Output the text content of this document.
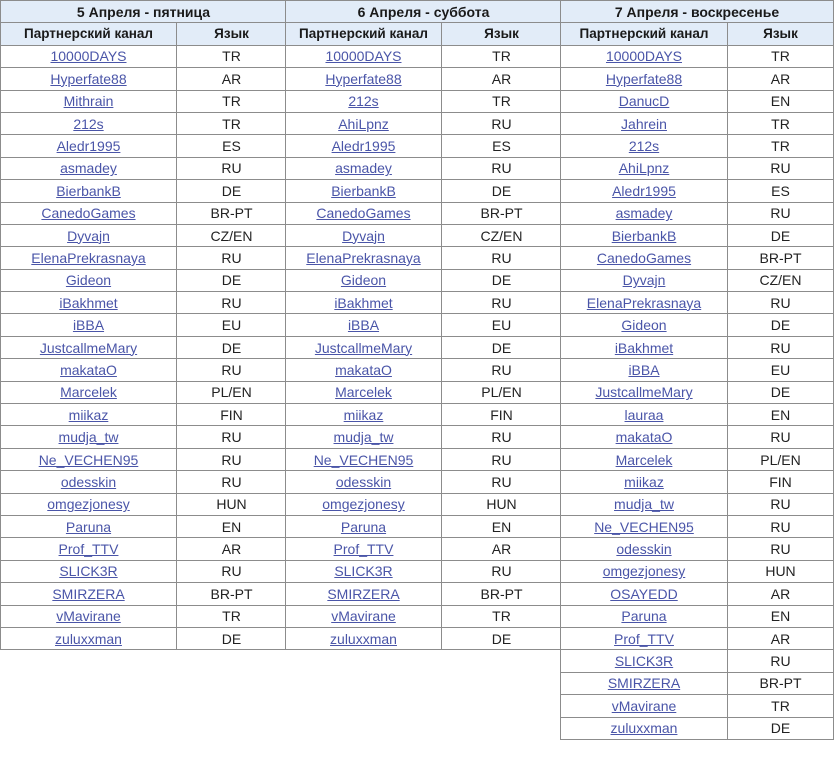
5 Апреля - пятница	
Партнерский канал	Язык
10000DAYS	TR
Hyperfate88	AR
Mithrain	TR
212s	TR
Aledr1995	ES
asmadey	RU
BierbankB	DE
CanedoGames	BR-PT
Dyvajn	CZ/EN
ElenaPrekrasnaya	RU
Gideon	DE
iBakhmet	RU
iBBA	EU
JustcallmeMary	DE
makataO	RU
Marcelek	PL/EN
miikaz	FIN
mudja_tw	RU
Ne_VECHEN95	RU
odesskin	RU
omgezjonesy	HUN
Paruna	EN
Prof_TTV	AR
SLICK3R	RU
SMIRZERA	BR-PT
vMavirane	TR
zuluxxman	DE
6 Апреля - суббота	
Партнерский канал	Язык
10000DAYS	TR
Hyperfate88	AR
212s	TR
AhiLpnz	RU
Aledr1995	ES
asmadey	RU
BierbankB	DE
CanedoGames	BR-PT
Dyvajn	CZ/EN
ElenaPrekrasnaya	RU
Gideon	DE
iBakhmet	RU
iBBA	EU
JustcallmeMary	DE
makataO	RU
Marcelek	PL/EN
miikaz	FIN
mudja_tw	RU
Ne_VECHEN95	RU
odesskin	RU
omgezjonesy	HUN
Paruna	EN
Prof_TTV	AR
SLICK3R	RU
SMIRZERA	BR-PT
vMavirane	TR
zuluxxman	DE
7 Апреля - воскресенье	
Партнерский канал	Язык
10000DAYS	TR
Hyperfate88	AR
DanucD	EN
Jahrein	TR
212s	TR
AhiLpnz	RU
Aledr1995	ES
asmadey	RU
BierbankB	DE
CanedoGames	BR-PT
Dyvajn	CZ/EN
ElenaPrekrasnaya	RU
Gideon	DE
iBakhmet	RU
iBBA	EU
JustcallmeMary	DE
lauraa	EN
makataO	RU
Marcelek	PL/EN
miikaz	FIN
mudja_tw	RU
Ne_VECHEN95	RU
odesskin	RU
omgezjonesy	HUN
OSAYEDD	AR
Paruna	EN
Prof_TTV	AR
SLICK3R	RU
SMIRZERA	BR-PT
vMavirane	TR
zuluxxman	DE
